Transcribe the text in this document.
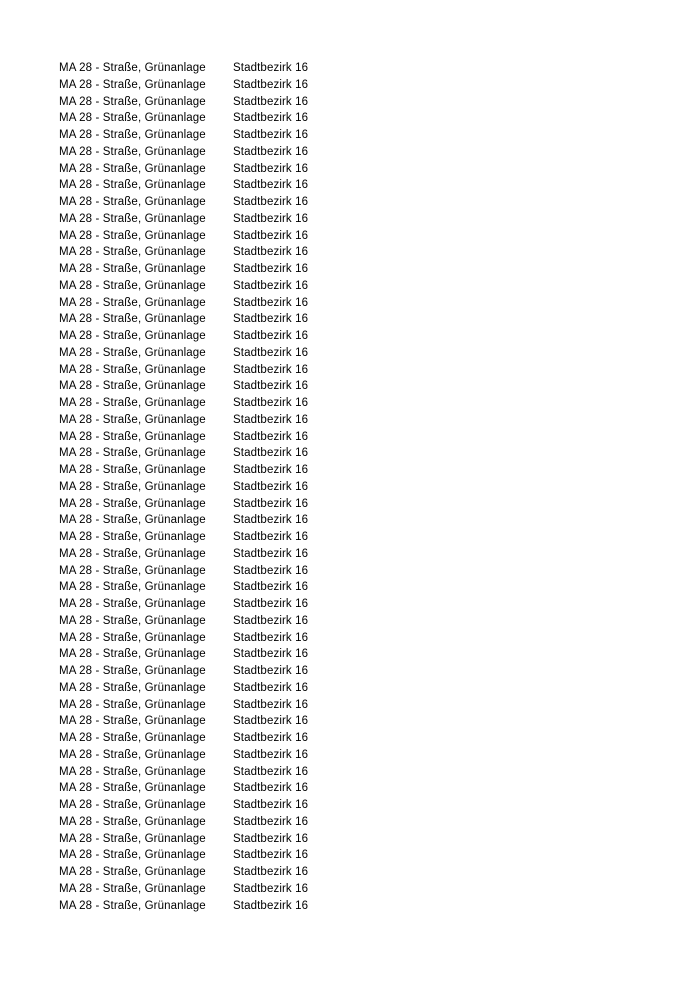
MA 28 - Straße, Grünanlage	Stadtbezirk 16
MA 28 - Straße, Grünanlage	Stadtbezirk 16
MA 28 - Straße, Grünanlage	Stadtbezirk 16
MA 28 - Straße, Grünanlage	Stadtbezirk 16
MA 28 - Straße, Grünanlage	Stadtbezirk 16
MA 28 - Straße, Grünanlage	Stadtbezirk 16
MA 28 - Straße, Grünanlage	Stadtbezirk 16
MA 28 - Straße, Grünanlage	Stadtbezirk 16
MA 28 - Straße, Grünanlage	Stadtbezirk 16
MA 28 - Straße, Grünanlage	Stadtbezirk 16
MA 28 - Straße, Grünanlage	Stadtbezirk 16
MA 28 - Straße, Grünanlage	Stadtbezirk 16
MA 28 - Straße, Grünanlage	Stadtbezirk 16
MA 28 - Straße, Grünanlage	Stadtbezirk 16
MA 28 - Straße, Grünanlage	Stadtbezirk 16
MA 28 - Straße, Grünanlage	Stadtbezirk 16
MA 28 - Straße, Grünanlage	Stadtbezirk 16
MA 28 - Straße, Grünanlage	Stadtbezirk 16
MA 28 - Straße, Grünanlage	Stadtbezirk 16
MA 28 - Straße, Grünanlage	Stadtbezirk 16
MA 28 - Straße, Grünanlage	Stadtbezirk 16
MA 28 - Straße, Grünanlage	Stadtbezirk 16
MA 28 - Straße, Grünanlage	Stadtbezirk 16
MA 28 - Straße, Grünanlage	Stadtbezirk 16
MA 28 - Straße, Grünanlage	Stadtbezirk 16
MA 28 - Straße, Grünanlage	Stadtbezirk 16
MA 28 - Straße, Grünanlage	Stadtbezirk 16
MA 28 - Straße, Grünanlage	Stadtbezirk 16
MA 28 - Straße, Grünanlage	Stadtbezirk 16
MA 28 - Straße, Grünanlage	Stadtbezirk 16
MA 28 - Straße, Grünanlage	Stadtbezirk 16
MA 28 - Straße, Grünanlage	Stadtbezirk 16
MA 28 - Straße, Grünanlage	Stadtbezirk 16
MA 28 - Straße, Grünanlage	Stadtbezirk 16
MA 28 - Straße, Grünanlage	Stadtbezirk 16
MA 28 - Straße, Grünanlage	Stadtbezirk 16
MA 28 - Straße, Grünanlage	Stadtbezirk 16
MA 28 - Straße, Grünanlage	Stadtbezirk 16
MA 28 - Straße, Grünanlage	Stadtbezirk 16
MA 28 - Straße, Grünanlage	Stadtbezirk 16
MA 28 - Straße, Grünanlage	Stadtbezirk 16
MA 28 - Straße, Grünanlage	Stadtbezirk 16
MA 28 - Straße, Grünanlage	Stadtbezirk 16
MA 28 - Straße, Grünanlage	Stadtbezirk 16
MA 28 - Straße, Grünanlage	Stadtbezirk 16
MA 28 - Straße, Grünanlage	Stadtbezirk 16
MA 28 - Straße, Grünanlage	Stadtbezirk 16
MA 28 - Straße, Grünanlage	Stadtbezirk 16
MA 28 - Straße, Grünanlage	Stadtbezirk 16
MA 28 - Straße, Grünanlage	Stadtbezirk 16
MA 28 - Straße, Grünanlage	Stadtbezirk 16
